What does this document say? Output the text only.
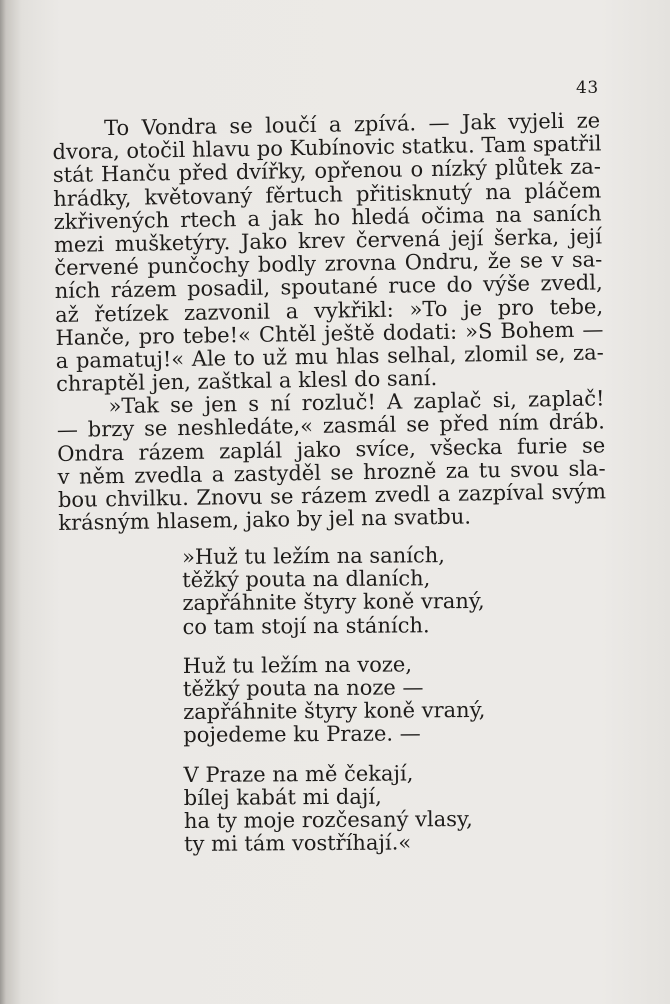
43
To Vondra se loučí a zpívá. — Jak vyjeli ze
dvora, otočil hlavu po Kubínovic statku. Tam spatřil
stát Hanču před dvířky, opřenou o nízký plůtek za-
hrádky, květovaný fěrtuch přitisknutý na pláčem
zkřivených rtech a jak ho hledá očima na saních
mezi mušketýry. Jako krev červená její šerka, její
červené punčochy bodly zrovna Ondru, že se v sa-
ních rázem posadil, spoutané ruce do výše zvedl,
až řetízek zazvonil a vykřikl: »To je pro tebe,
Hanče, pro tebe!« Chtěl ještě dodati: »S Bohem —
a pamatuj!« Ale to už mu hlas selhal, zlomil se, za-
chraptěl jen, zaštkal a klesl do saní.
»Tak se jen s ní rozluč! A zaplač si, zaplač!
— brzy se neshledáte,« zasmál se před ním dráb.
Ondra rázem zaplál jako svíce, všecka furie se
v něm zvedla a zastyděl se hrozně za tu svou sla-
bou chvilku. Znovu se rázem zvedl a zazpíval svým
krásným hlasem, jako by jel na svatbu.
»Huž tu ležím na saních,
těžký pouta na dlaních,
zapřáhnite štyry koně vraný,
co tam stojí na stáních.
Huž tu ležím na voze,
těžký pouta na noze —
zapřáhnite štyry koně vraný,
pojedeme ku Praze. —
V Praze na mě čekají,
bílej kabát mi dají,
ha ty moje rozčesaný vlasy,
ty mi tám vostříhají.«
